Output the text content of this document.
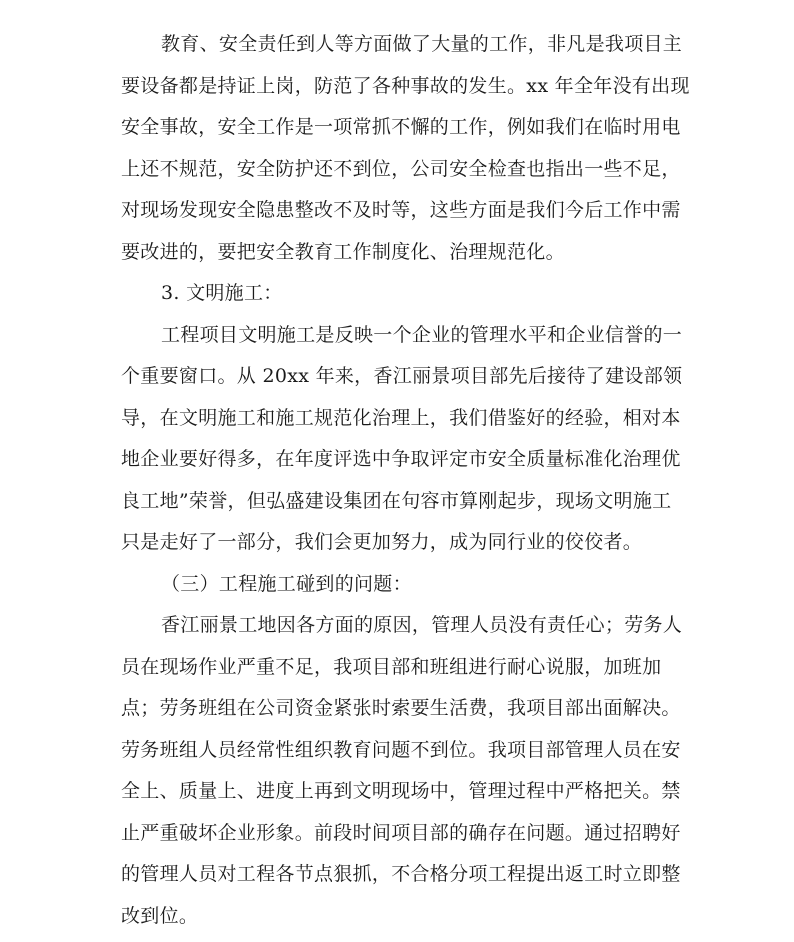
教育、安全责任到人等方面做了大量的工作，非凡是我项目主
要设备都是持证上岗，防范了各种事故的发生。xx 年全年没有出现
安全事故，安全工作是一项常抓不懈的工作，例如我们在临时用电
上还不规范，安全防护还不到位，公司安全检查也指出一些不足，
对现场发现安全隐患整改不及时等，这些方面是我们今后工作中需
要改进的，要把安全教育工作制度化、治理规范化。

3. 文明施工：

工程项目文明施工是反映一个企业的管理水平和企业信誉的一
个重要窗口。从 20xx 年来，香江丽景项目部先后接待了建设部领
导，在文明施工和施工规范化治理上，我们借鉴好的经验，相对本
地企业要好得多，在年度评选中争取评定市安全质量标准化治理优
良工地”荣誉，但弘盛建设集团在句容市算刚起步，现场文明施工
只是走好了一部分，我们会更加努力，成为同行业的佼佼者。

（三）工程施工碰到的问题：

香江丽景工地因各方面的原因，管理人员没有责任心；劳务人
员在现场作业严重不足，我项目部和班组进行耐心说服，加班加
点；劳务班组在公司资金紧张时索要生活费，我项目部出面解决。
劳务班组人员经常性组织教育问题不到位。我项目部管理人员在安
全上、质量上、进度上再到文明现场中，管理过程中严格把关。禁
止严重破坏企业形象。前段时间项目部的确存在问题。通过招聘好
的管理人员对工程各节点狠抓，不合格分项工程提出返工时立即整
改到位。
